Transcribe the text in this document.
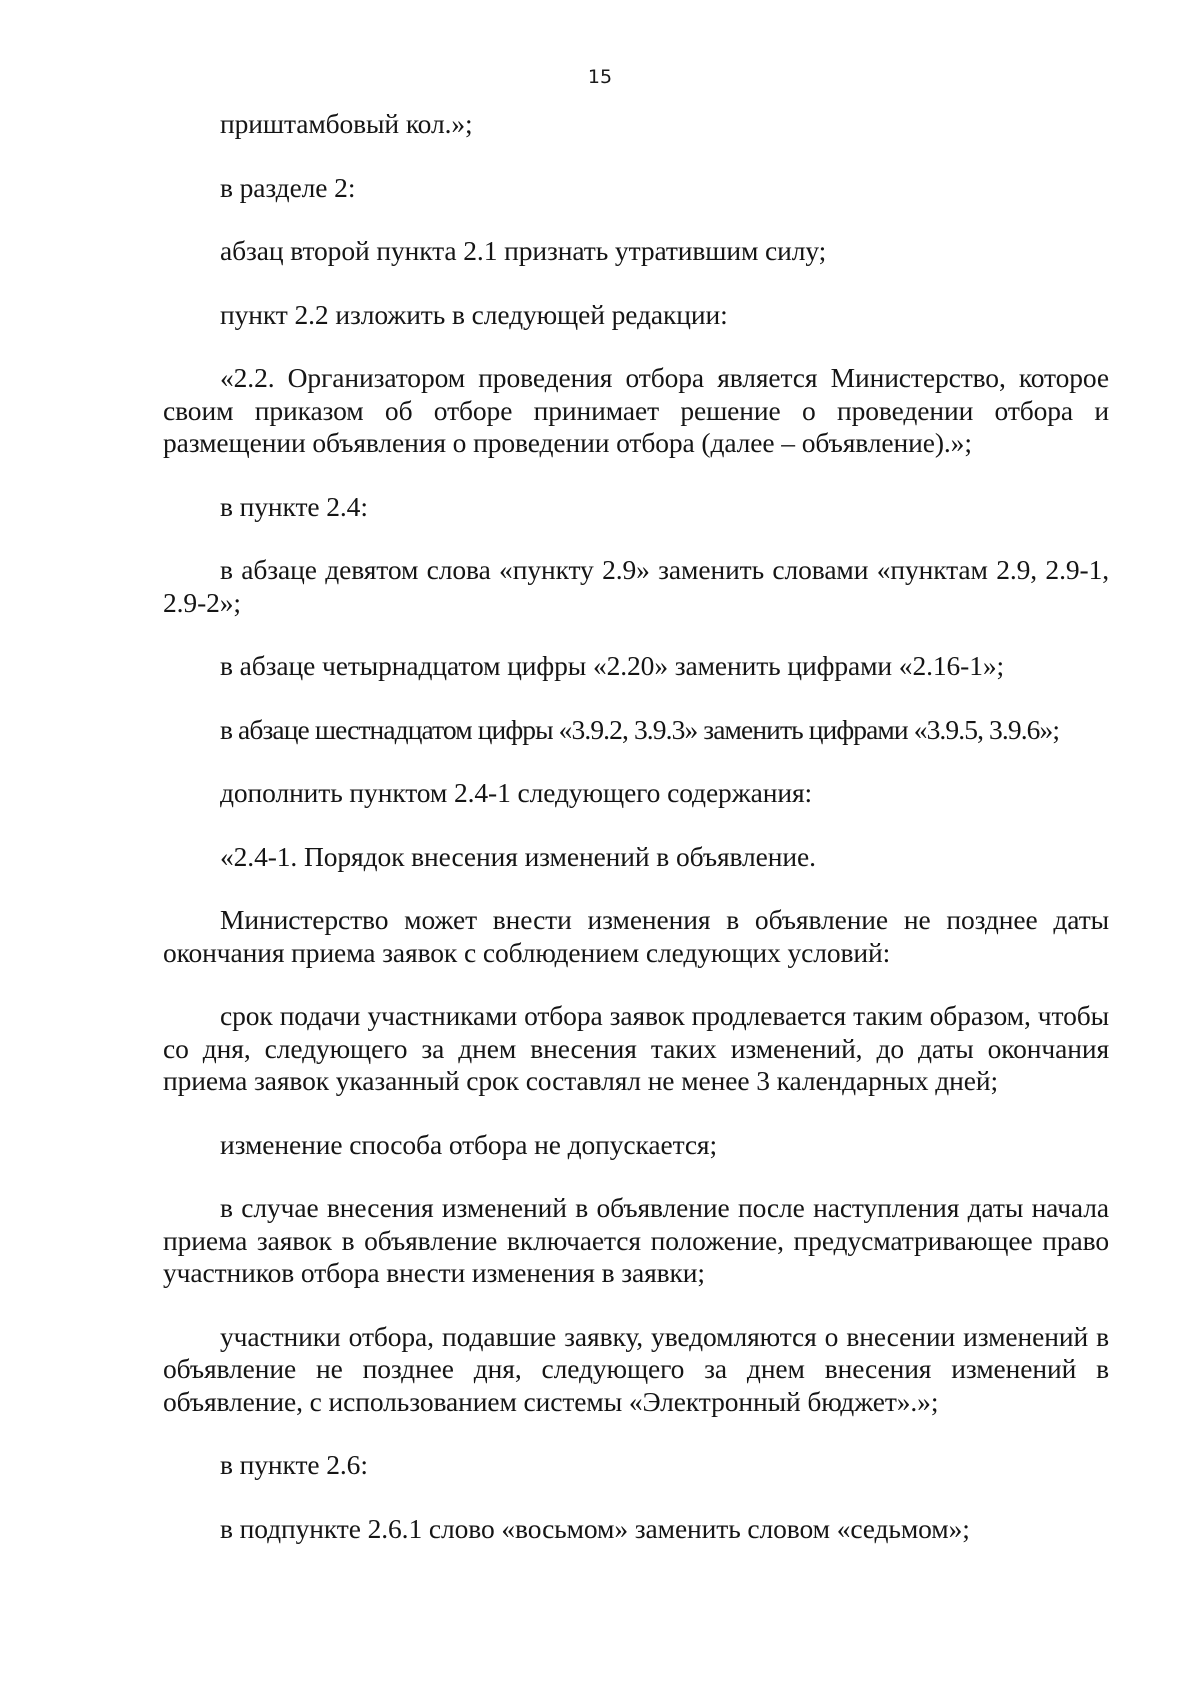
15

приштамбовый кол.»;

в разделе 2:

абзац второй пункта 2.1 признать утратившим силу;

пункт 2.2 изложить в следующей редакции:

«2.2. Организатором проведения отбора является Министерство, которое своим приказом об отборе принимает решение о проведении отбора и размещении объявления о проведении отбора (далее – объявление).»;

в пункте 2.4:

в абзаце девятом слова «пункту 2.9» заменить словами «пунктам 2.9, 2.9-1, 2.9-2»;

в абзаце четырнадцатом цифры «2.20» заменить цифрами «2.16-1»;

в абзаце шестнадцатом цифры «3.9.2, 3.9.3» заменить цифрами «3.9.5, 3.9.6»;

дополнить пунктом 2.4-1 следующего содержания:

«2.4-1. Порядок внесения изменений в объявление.

Министерство может внести изменения в объявление не позднее даты окончания приема заявок с соблюдением следующих условий:

срок подачи участниками отбора заявок продлевается таким образом, чтобы со дня, следующего за днем внесения таких изменений, до даты окончания приема заявок указанный срок составлял не менее 3 календарных дней;

изменение способа отбора не допускается;

в случае внесения изменений в объявление после наступления даты начала приема заявок в объявление включается положение, предусматривающее право участников отбора внести изменения в заявки;

участники отбора, подавшие заявку, уведомляются о внесении изменений в объявление не позднее дня, следующего за днем внесения изменений в объявление, с использованием системы «Электронный бюджет».»;

в пункте 2.6:

в подпункте 2.6.1 слово «восьмом» заменить словом «седьмом»;
